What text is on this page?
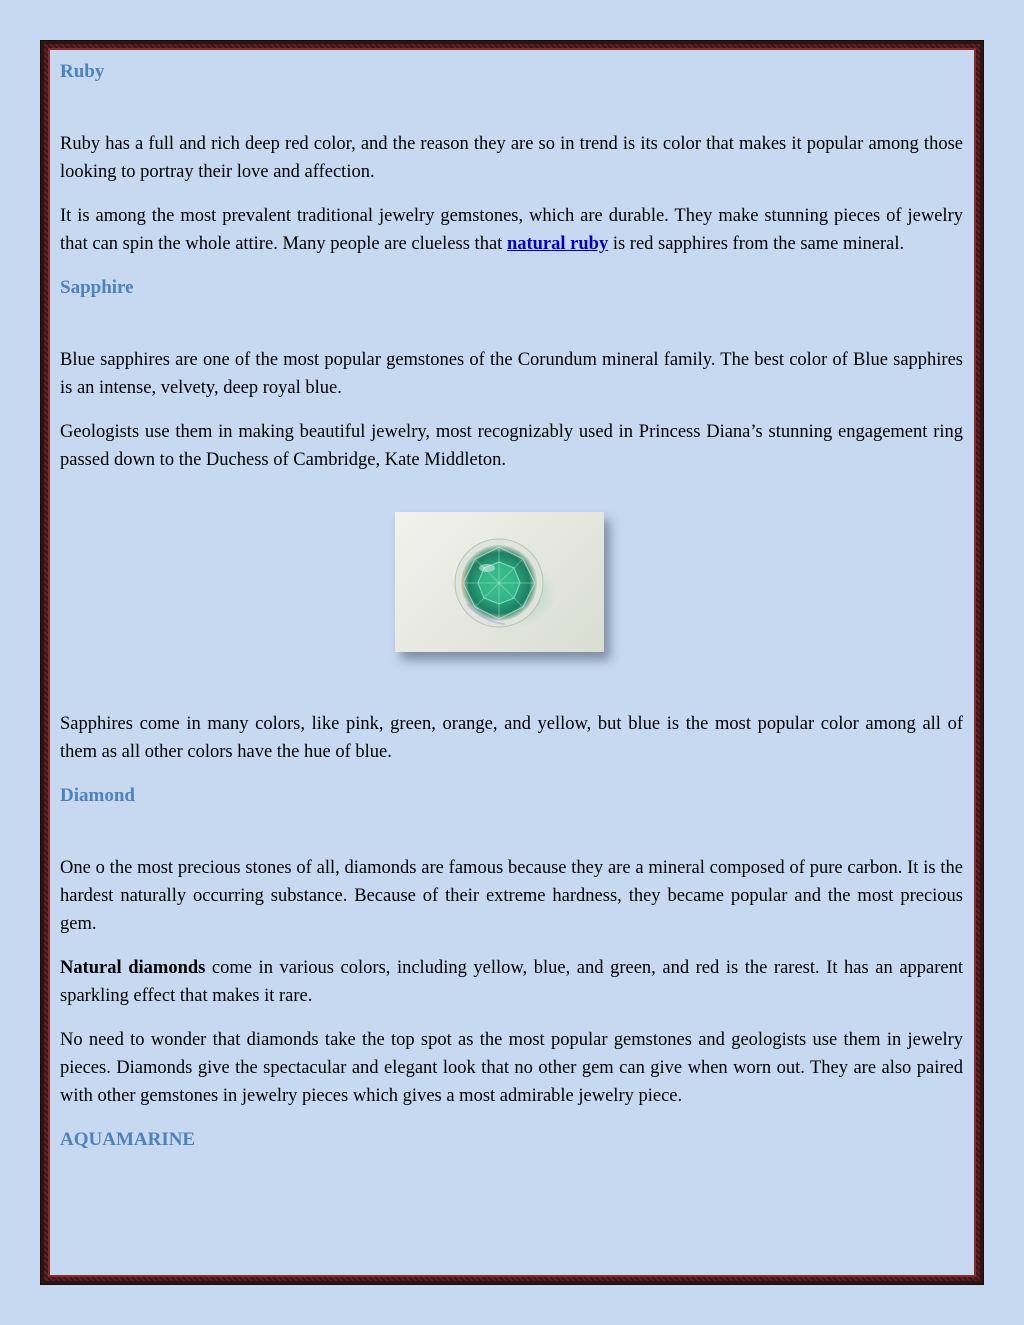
Ruby

Ruby has a full and rich deep red color, and the reason they are so in trend is its color that makes it popular among those looking to portray their love and affection.

It is among the most prevalent traditional jewelry gemstones, which are durable. They make stunning pieces of jewelry that can spin the whole attire. Many people are clueless that natural ruby is red sapphires from the same mineral.

Sapphire

Blue sapphires are one of the most popular gemstones of the Corundum mineral family. The best color of Blue sapphires is an intense, velvety, deep royal blue.

Geologists use them in making beautiful jewelry, most recognizably used in Princess Diana’s stunning engagement ring passed down to the Duchess of Cambridge, Kate Middleton.

Sapphires come in many colors, like pink, green, orange, and yellow, but blue is the most popular color among all of them as all other colors have the hue of blue.

Diamond

One o the most precious stones of all, diamonds are famous because they are a mineral composed of pure carbon. It is the hardest naturally occurring substance. Because of their extreme hardness, they became popular and the most precious gem.

Natural diamonds come in various colors, including yellow, blue, and green, and red is the rarest. It has an apparent sparkling effect that makes it rare.

No need to wonder that diamonds take the top spot as the most popular gemstones and geologists use them in jewelry pieces. Diamonds give the spectacular and elegant look that no other gem can give when worn out. They are also paired with other gemstones in jewelry pieces which gives a most admirable jewelry piece.

AQUAMARINE
